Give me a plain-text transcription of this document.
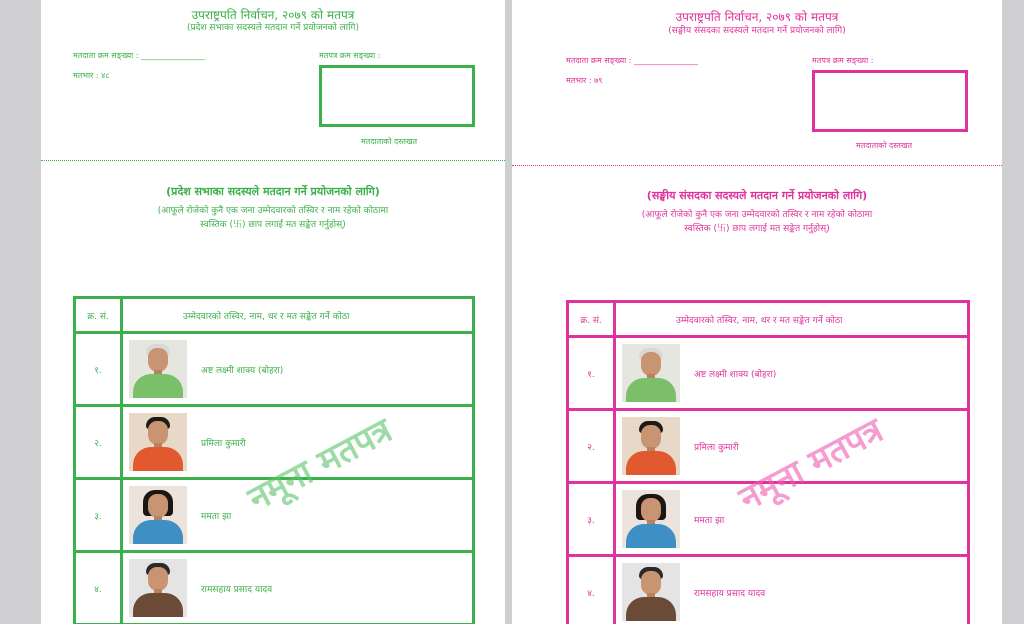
उपराष्ट्रपति निर्वाचन, २०७९ को मतपत्र
(प्रदेश सभाका सदस्यले मतदान गर्ने प्रयोजनको लागि)
मतदाता क्रम सङ्ख्या : ________________
मतभार : ४८
मतपत्र क्रम सङ्ख्या :
मतदाताको दस्तखत
(प्रदेश सभाका सदस्यले मतदान गर्ने प्रयोजनको लागि)
(आफूले रोजेको कुनै एक जना उम्मेदवारको तस्विर र नाम रहेको कोठामा
स्वस्तिक (卐) छाप लगाई मत सङ्केत गर्नुहोस्)
क्र. सं.	उम्मेदवारको तस्विर, नाम, थर र मत सङ्केत गर्ने कोठा
१.	अष्ट लक्ष्मी शाक्य (बोहरा)

२.	प्रमिला कुमारी

३.	ममता झा

४.	रामसहाय प्रसाद यादव
नमूना मतपत्र
उपराष्ट्रपति निर्वाचन, २०७९ को मतपत्र
(सङ्घीय संसदका सदस्यले मतदान गर्ने प्रयोजनको लागि)
मतदाता क्रम सङ्ख्या : ________________
मतभार : ७९
मतपत्र क्रम सङ्ख्या :
मतदाताको दस्तखत
(सङ्घीय संसदका सदस्यले मतदान गर्ने प्रयोजनको लागि)
(आफूले रोजेको कुनै एक जना उम्मेदवारको तस्विर र नाम रहेको कोठामा
स्वस्तिक (卐) छाप लगाई मत सङ्केत गर्नुहोस्)
क्र. सं.	उम्मेदवारको तस्विर, नाम, थर र मत सङ्केत गर्ने कोठा
१.	अष्ट लक्ष्मी शाक्य (बोहरा)

२.	प्रमिला कुमारी

३.	ममता झा

४.	रामसहाय प्रसाद यादव
नमूना मतपत्र
